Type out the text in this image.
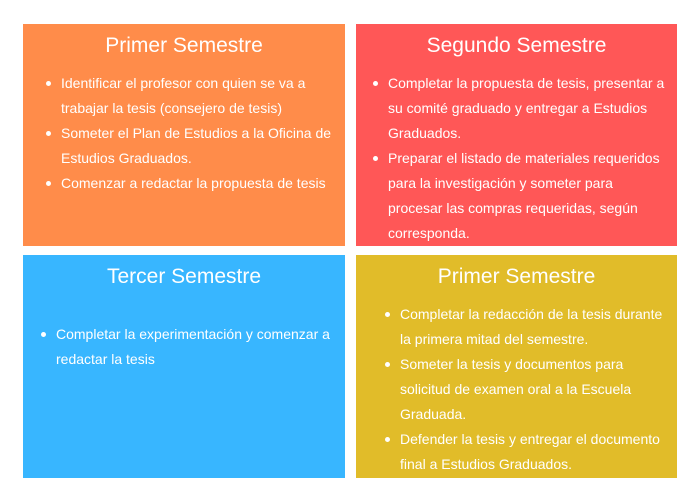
Primer Semestre
Identificar el profesor con quien se va a trabajar la tesis (consejero de tesis)
Someter el Plan de Estudios a la Oficina de Estudios Graduados.
Comenzar a redactar la propuesta de tesis
Segundo Semestre
Completar la propuesta de tesis, presentar a su comité graduado y entregar a Estudios Graduados.
Preparar el listado de materiales requeridos para la investigación y someter para procesar las compras requeridas, según corresponda.
Tercer Semestre
Completar la experimentación y comenzar a redactar la tesis
Primer Semestre
Completar la redacción de la tesis durante la primera mitad del semestre.
Someter la tesis y documentos para solicitud de examen oral a la Escuela Graduada.
Defender la tesis y entregar el documento final a Estudios Graduados.
